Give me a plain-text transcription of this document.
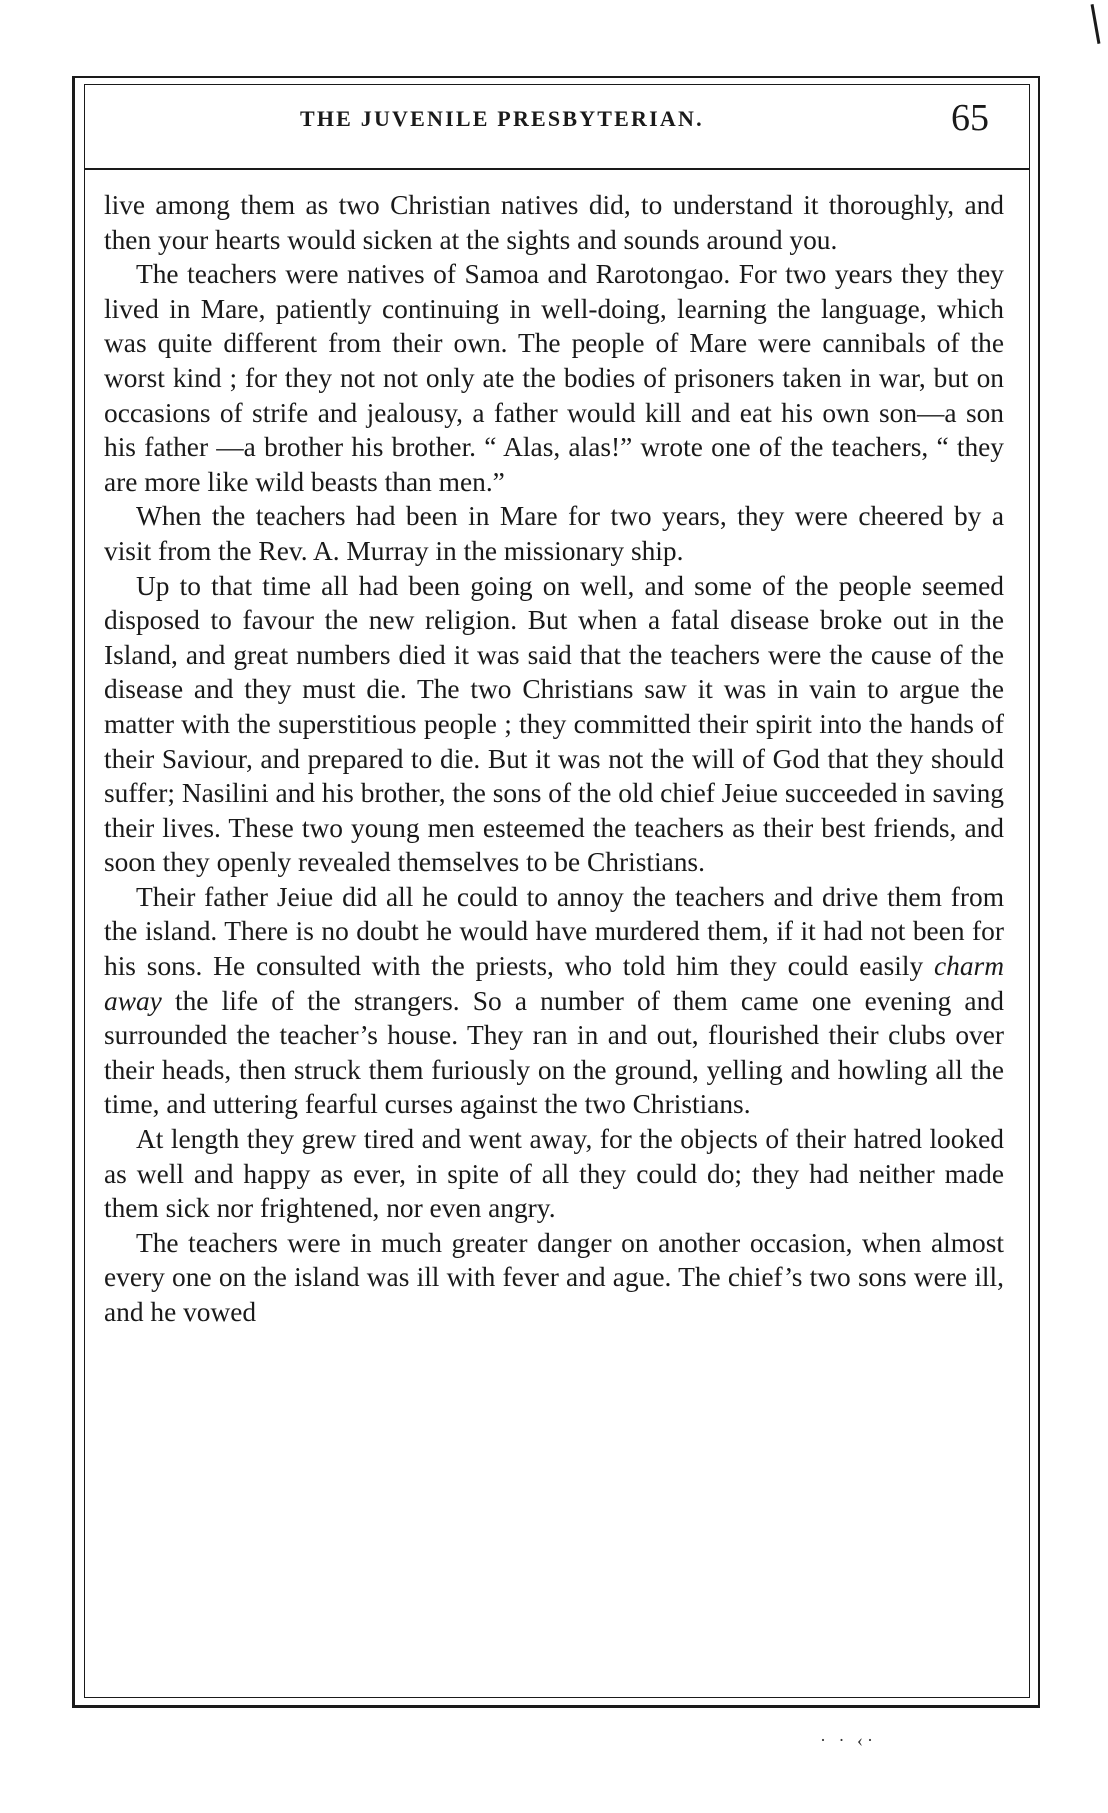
THE JUVENILE PRESBYTERIAN.	65

live among them as two Christian natives did, to understand it thoroughly, and then your hearts would sicken at the sights and sounds around you.

The teachers were natives of Samoa and Rarotongao. For two years they they lived in Mare, patiently continuing in well-doing, learning the language, which was quite different from their own. The people of Mare were cannibals of the worst kind ; for they not not only ate the bodies of prisoners taken in war, but on occasions of strife and jealousy, a father would kill and eat his own son—a son his father —a brother his brother. “ Alas, alas!” wrote one of the teachers, “ they are more like wild beasts than men.”

When the teachers had been in Mare for two years, they were cheered by a visit from the Rev. A. Murray in the missionary ship.

Up to that time all had been going on well, and some of the people seemed disposed to favour the new religion. But when a fatal disease broke out in the Island, and great numbers died it was said that the teachers were the cause of the disease and they must die. The two Christians saw it was in vain to argue the matter with the superstitious people ; they committed their spirit into the hands of their Saviour, and prepared to die. But it was not the will of God that they should suffer; Nasilini and his brother, the sons of the old chief Jeiue succeeded in saving their lives. These two young men esteemed the teachers as their best friends, and soon they openly revealed themselves to be Christians.

Their father Jeiue did all he could to annoy the teachers and drive them from the island. There is no doubt he would have murdered them, if it had not been for his sons. He consulted with the priests, who told him they could easily charm away the life of the strangers. So a number of them came one evening and surrounded the teacher’s house. They ran in and out, flourished their clubs over their heads, then struck them furiously on the ground, yelling and howling all the time, and uttering fearful curses against the two Christians.

At length they grew tired and went away, for the objects of their hatred looked as well and happy as ever, in spite of all they could do; they had neither made them sick nor frightened, nor even angry.

The teachers were in much greater danger on another occasion, when almost every one on the island was ill with fever and ague. The chief’s two sons were ill, and he vowed

· · ‹·
